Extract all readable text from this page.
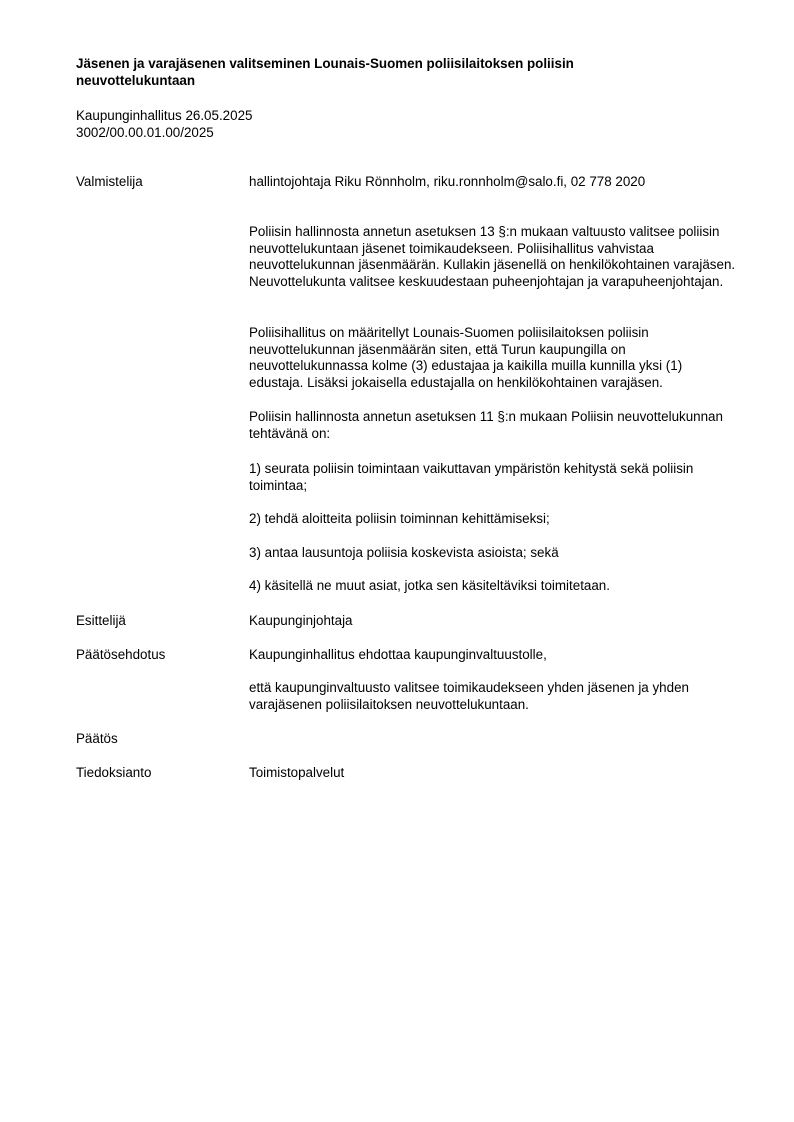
Jäsenen ja varajäsenen valitseminen Lounais-Suomen poliisilaitoksen poliisin neuvottelukuntaan
Kaupunginhallitus 26.05.2025
3002/00.00.01.00/2025
Valmistelija	hallintojohtaja Riku Rönnholm, riku.ronnholm@salo.fi, 02 778 2020

Poliisin hallinnosta annetun asetuksen 13 §:n mukaan valtuusto valitsee poliisin neuvottelukuntaan jäsenet toimikaudekseen. Poliisihallitus vahvistaa neuvottelukunnan jäsenmäärän. Kullakin jäsenellä on henkilökohtainen varajäsen. Neuvottelukunta valitsee keskuudestaan puheenjohtajan ja varapuheenjohtajan.

Poliisihallitus on määritellyt Lounais-Suomen poliisilaitoksen poliisin neuvottelukunnan jäsenmäärän siten, että Turun kaupungilla on neuvottelukunnassa kolme (3) edustajaa ja kaikilla muilla kunnilla yksi (1) edustaja. Lisäksi jokaisella edustajalla on henkilökohtainen varajäsen.

Poliisin hallinnosta annetun asetuksen 11 §:n mukaan Poliisin neuvottelukunnan tehtävänä on:

1) seurata poliisin toimintaan vaikuttavan ympäristön kehitystä sekä poliisin toimintaa;

2) tehdä aloitteita poliisin toiminnan kehittämiseksi;

3) antaa lausuntoja poliisia koskevista asioista; sekä

4) käsitellä ne muut asiat, jotka sen käsiteltäviksi toimitetaan.

Esittelijä	Kaupunginjohtaja
Päätösehdotus	Kaupunginhallitus ehdottaa kaupunginvaltuustolle,
että kaupunginvaltuusto valitsee toimikaudekseen yhden jäsenen ja yhden varajäsenen poliisilaitoksen neuvottelukuntaan.
Päätös
Tiedoksianto	Toimistopalvelut
